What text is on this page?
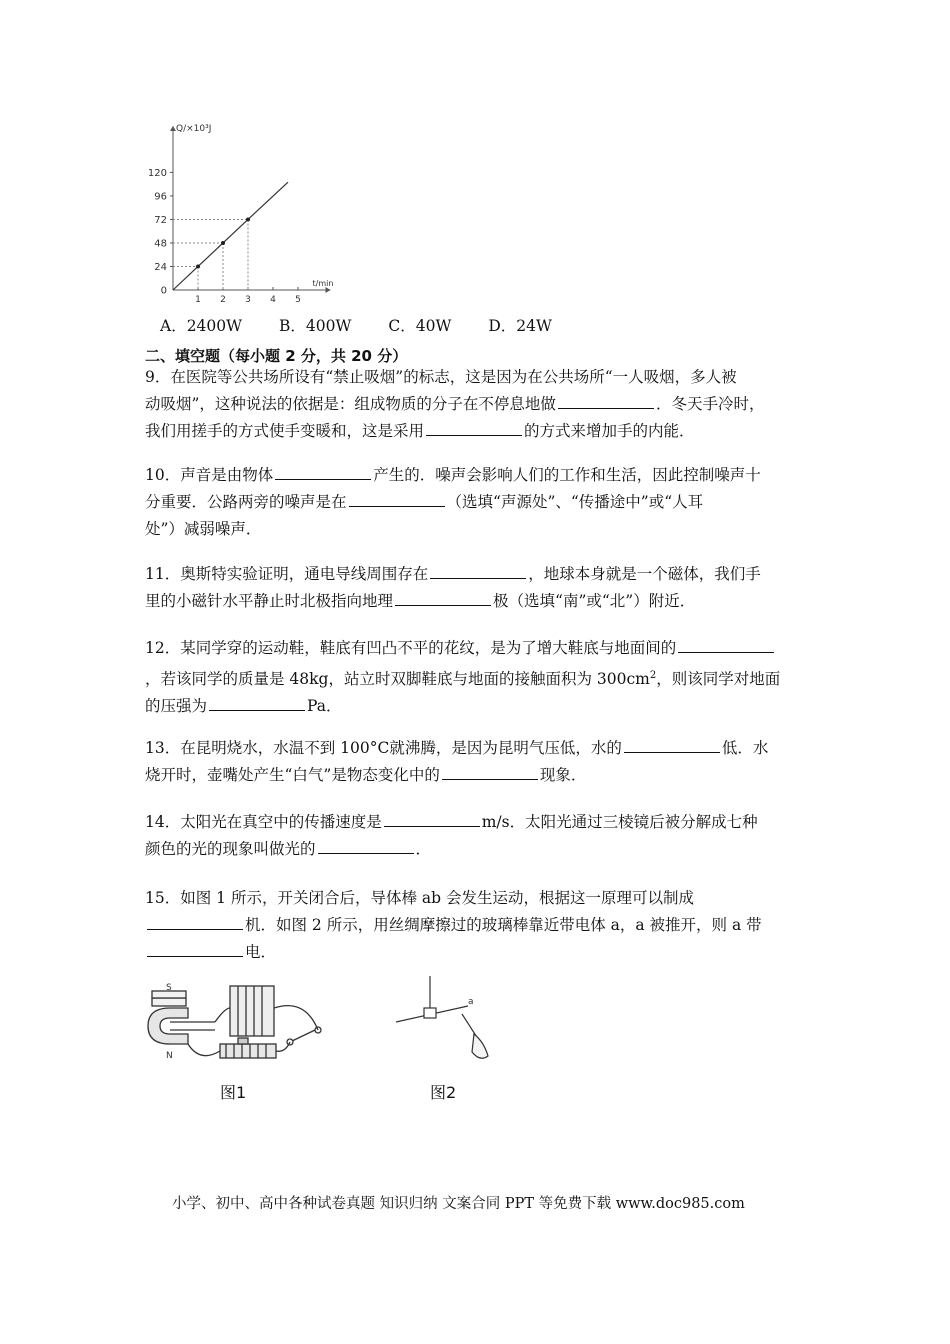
0
24
48
72
96
120
1 2 3 4 5
Q/×10³J
t/min
A．2400W B．400W C．40W D．24W
二、填空题（每小题 2 分，共 20 分）
9．在医院等公共场所设有“禁止吸烟”的标志，这是因为在公共场所“一人吸烟，多人被
动吸烟”，这种说法的依据是：组成物质的分子在不停息地做	．冬天手冷时，
我们用搓手的方式使手变暖和，这是采用	的方式来增加手的内能．
10．声音是由物体	产生的．噪声会影响人们的工作和生活，因此控制噪声十
分重要．公路两旁的噪声是在	（选填“声源处”、“传播途中”或“人耳
处”）减弱噪声．
11．奥斯特实验证明，通电导线周围存在	，地球本身就是一个磁体，我们手
里的小磁针水平静止时北极指向地理	极（选填“南”或“北”）附近．
12．某同学穿的运动鞋，鞋底有凹凸不平的花纹，是为了增大鞋底与地面间的
，若该同学的质量是 48kg，站立时双脚鞋底与地面的接触面积为 $300cm^2$，则该同学对地面
的压强为	Pa．
13．在昆明烧水，水温不到 100°C就沸腾，是因为昆明气压低，水的	低．水
烧开时，壶嘴处产生“白气”是物态变化中的	现象．
14．太阳光在真空中的传播速度是	m/s．太阳光通过三棱镜后被分解成七种
颜色的光的现象叫做光的	．
15．如图 1 所示，开关闭合后，导体棒 ab 会发生运动，根据这一原理可以制成
机．如图 2 所示，用丝绸摩擦过的玻璃棒靠近带电体 a，a 被推开，则 a 带
电．
S
N
图1
a
图2
小学、初中、高中各种试卷真题 知识归纳 文案合同 PPT 等免费下载 www.doc985.com
